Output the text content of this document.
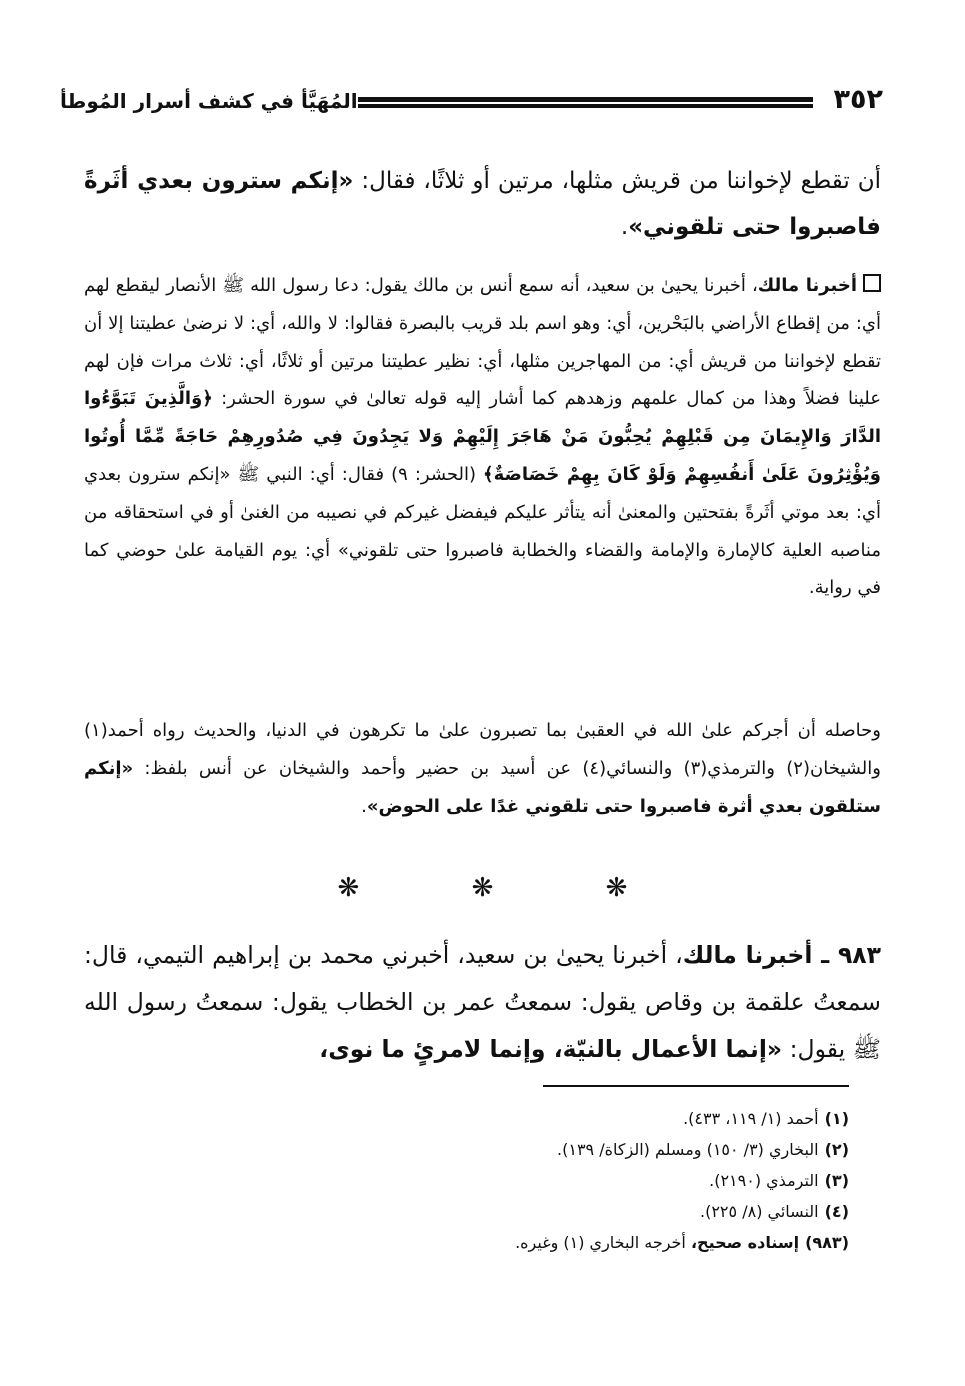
٣٥٢
المُهَيَّأ في كشف أسرار المُوطأ
أن تقطع لإخواننا من قريش مثلها، مرتين أو ثلاثًا، فقال: «إنكم سترون بعدي أثَرةً فاصبروا حتى تلقوني».
أخبرنا مالك، أخبرنا يحيىٰ بن سعيد، أنه سمع أنس بن مالك يقول: دعا رسول الله ﷺ الأنصار ليقطع لهم أي: من إقطاع الأراضي بالبَحْرين، أي: وهو اسم بلد قريب بالبصرة فقالوا: لا والله، أي: لا نرضىٰ عطيتنا إلا أن تقطع لإخواننا من قريش أي: من المهاجرين مثلها، أي: نظير عطيتنا مرتين أو ثلاثًا، أي: ثلاث مرات فإن لهم علينا فضلاً وهذا من كمال علمهم وزهدهم كما أشار إليه قوله تعالىٰ في سورة الحشر: ﴿وَالَّذِينَ تَبَوَّءُوا الدَّارَ وَالإِيمَانَ مِن قَبْلِهِمْ يُحِبُّونَ مَنْ هَاجَرَ إِلَيْهِمْ وَلا يَجِدُونَ فِي صُدُورِهِمْ حَاجَةً مِّمَّا أُوتُوا وَيُؤْثِرُونَ عَلَىٰ أَنفُسِهِمْ وَلَوْ كَانَ بِهِمْ خَصَاصَةٌ﴾ (الحشر: ٩) فقال: أي: النبي ﷺ «إنكم سترون بعدي أي: بعد موتي أثَرةً بفتحتين والمعنىٰ أنه يتأثر عليكم فيفضل غيركم في نصيبه من الغنىٰ أو في استحقاقه من مناصبه العلية كالإمارة والإمامة والقضاء والخطابة فاصبروا حتى تلقوني» أي: يوم القيامة علىٰ حوضي كما في رواية.
وحاصله أن أجركم علىٰ الله في العقبىٰ بما تصبرون علىٰ ما تكرهون في الدنيا، والحديث رواه أحمد(١) والشيخان(٢) والترمذي(٣) والنسائي(٤) عن أسيد بن حضير وأحمد والشيخان عن أنس بلفظ: «إنكم ستلقون بعدي أثرة فاصبروا حتى تلقوني غدًا على الحوض».
❋ ❋ ❋
٩٨٣ ـ أخبرنا مالك، أخبرنا يحيىٰ بن سعيد، أخبرني محمد بن إبراهيم التيمي، قال: سمعتُ علقمة بن وقاص يقول: سمعتُ عمر بن الخطاب يقول: سمعتُ رسول الله ﷺ يقول: «إنما الأعمال بالنيّة، وإنما لامرئٍ ما نوى،
(١)أحمد (١/ ١١٩، ٤٣٣).
(٢)البخاري (٣/ ١٥٠) ومسلم (الزكاة/ ١٣٩).
(٣)الترمذي (٢١٩٠).
(٤)النسائي (٨/ ٢٢٥).
(٩٨٣)إسناده صحيح، أخرجه البخاري (١) وغيره.
